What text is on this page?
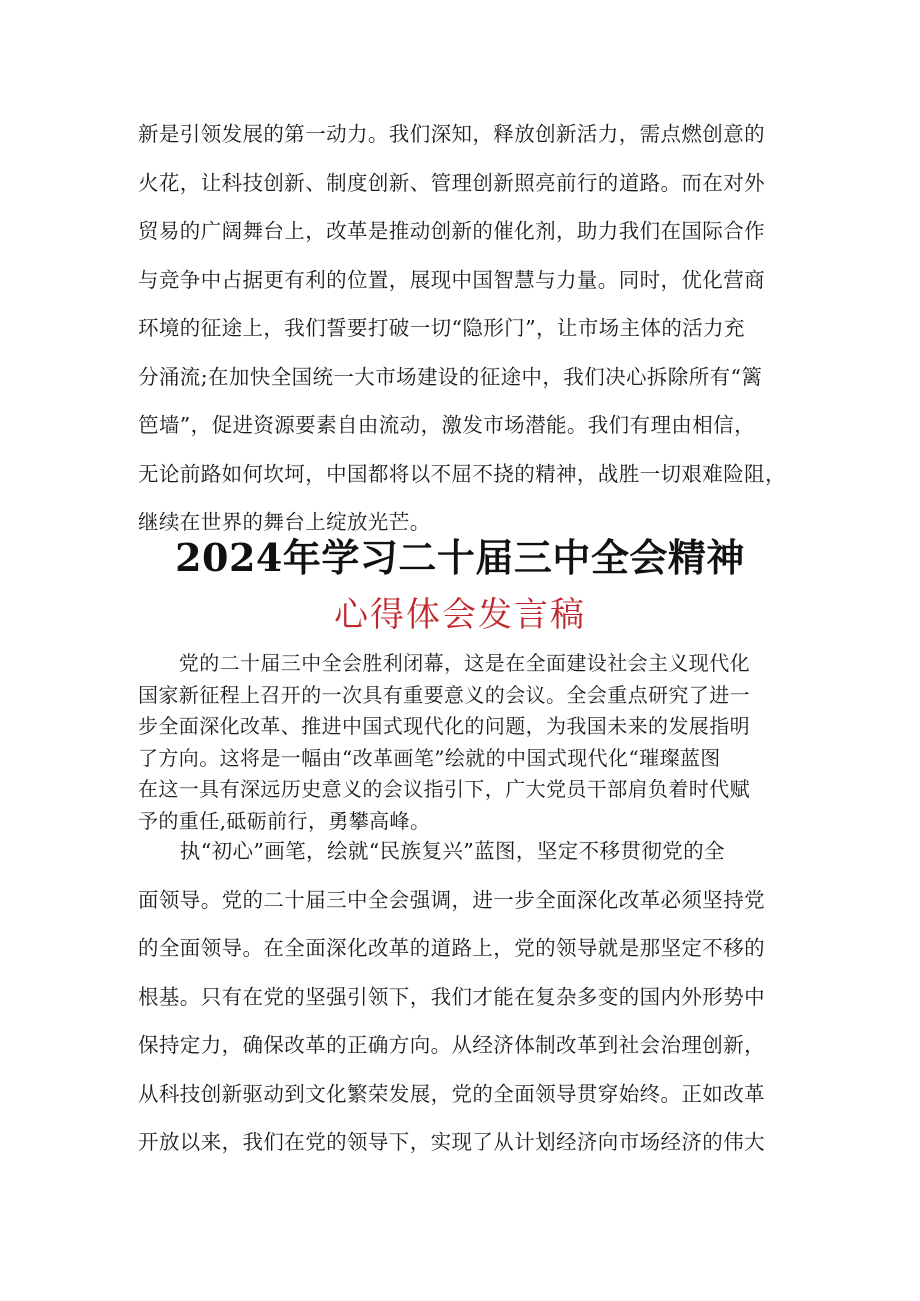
新是引领发展的第一动力。我们深知，释放创新活力，需点燃创意的
火花，让科技创新、制度创新、管理创新照亮前行的道路。而在对外
贸易的广阔舞台上，改革是推动创新的催化剂，助力我们在国际合作
与竞争中占据更有利的位置，展现中国智慧与力量。同时，优化营商
环境的征途上，我们誓要打破一切“隐形门”，让市场主体的活力充
分涌流;在加快全国统一大市场建设的征途中，我们决心拆除所有“篱
笆墙”，促进资源要素自由流动，激发市场潜能。我们有理由相信，
无论前路如何坎坷，中国都将以不屈不挠的精神，战胜一切艰难险阻，
继续在世界的舞台上绽放光芒。
2024年学习二十届三中全会精神
心得体会发言稿
　　党的二十届三中全会胜利闭幕，这是在全面建设社会主义现代化
国家新征程上召开的一次具有重要意义的会议。全会重点研究了进一
步全面深化改革、推进中国式现代化的问题，为我国未来的发展指明
了方向。这将是一幅由“改革画笔”绘就的中国式现代化“璀璨蓝图
在这一具有深远历史意义的会议指引下，广大党员干部肩负着时代赋
予的重任,砥砺前行，勇攀高峰。
　　执“初心”画笔，绘就“民族复兴”蓝图，坚定不移贯彻党的全
面领导。党的二十届三中全会强调，进一步全面深化改革必须坚持党
的全面领导。在全面深化改革的道路上，党的领导就是那坚定不移的
根基。只有在党的坚强引领下，我们才能在复杂多变的国内外形势中
保持定力，确保改革的正确方向。从经济体制改革到社会治理创新，
从科技创新驱动到文化繁荣发展，党的全面领导贯穿始终。正如改革
开放以来，我们在党的领导下，实现了从计划经济向市场经济的伟大
